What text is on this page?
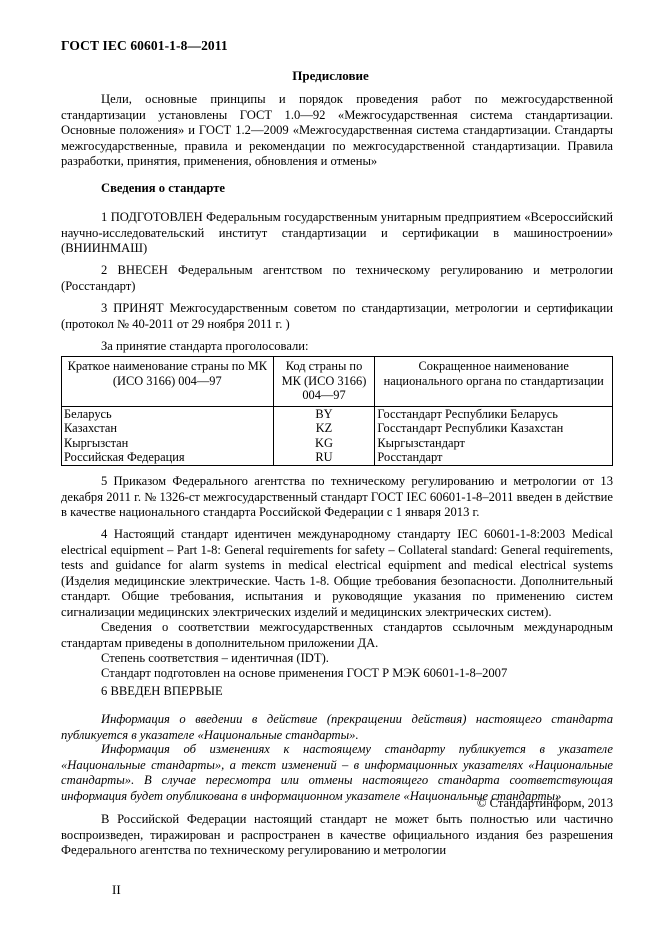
ГОСТ IEC 60601-1-8—2011
Предисловие

Цели, основные принципы и порядок проведения работ по межгосударственной стандартизации установлены ГОСТ 1.0—92 «Межгосударственная система стандартизации. Основные положения» и ГОСТ 1.2—2009 «Межгосударственная система стандартизации. Стандарты межгосударственные, правила и рекомендации по межгосударственной стандартизации. Правила разработки, принятия, применения, обновления и отмены»

Сведения о стандарте

1 ПОДГОТОВЛЕН Федеральным государственным унитарным предприятием «Всероссийский научно-исследовательский институт стандартизации и сертификации в машиностроении» (ВНИИНМАШ)

2 ВНЕСЕН Федеральным агентством по техническому регулированию и метрологии (Росстандарт)

3 ПРИНЯТ Межгосударственным советом по стандартизации, метрологии и сертификации (протокол № 40-2011 от 29 ноября 2011 г. )

За принятие стандарта проголосовали:

Краткое наименование страны по МК (ИСО 3166) 004—97	Код страны по МК (ИСО 3166) 004—97	Сокращенное наименование национального органа по стандартизации
Беларусь	BY	Госстандарт Республики Беларусь
Казахстан	KZ	Госстандарт Республики Казахстан
Кыргызстан	KG	Кыргызстандарт
Российская Федерация	RU	Росстандарт

5 Приказом Федерального агентства по техническому регулированию и метрологии от 13 декабря 2011 г. № 1326-ст межгосударственный стандарт ГОСТ IEC 60601-1-8–2011 введен в действие в качестве национального стандарта Российской Федерации с 1 января 2013 г.

4 Настоящий стандарт идентичен международному стандарту IEC 60601-1-8:2003 Medical electrical equipment – Part 1-8: General requirements for safety – Collateral standard: General requirements, tests and guidance for alarm systems in medical electrical equipment and medical electrical systems (Изделия медицинские электрические. Часть 1-8. Общие требования безопасности. Дополнительный стандарт. Общие требования, испытания и руководящие указания по применению систем сигнализации медицинских электрических изделий и медицинских электрических систем).

Сведения о соответствии межгосударственных стандартов ссылочным международным стандартам приведены в дополнительном приложении ДА.

Степень соответствия – идентичная (IDT).

Стандарт подготовлен на основе применения ГОСТ Р МЭК 60601-1-8–2007

6 ВВЕДЕН ВПЕРВЫЕ

Информация о введении в действие (прекращении действия) настоящего стандарта публикуется в указателе «Национальные стандарты».

Информация об изменениях к настоящему стандарту публикуется в указателе «Национальные стандарты», а текст изменений – в информационных указателях «Национальные стандарты». В случае пересмотра или отмены настоящего стандарта соответствующая информация будет опубликована в информационном указателе «Национальные стандарты»

© Стандартинформ, 2013

В Российской Федерации настоящий стандарт не может быть полностью или частично воспроизведен, тиражирован и распространен в качестве официального издания без разрешения Федерального агентства по техническому регулированию и метрологии

II
